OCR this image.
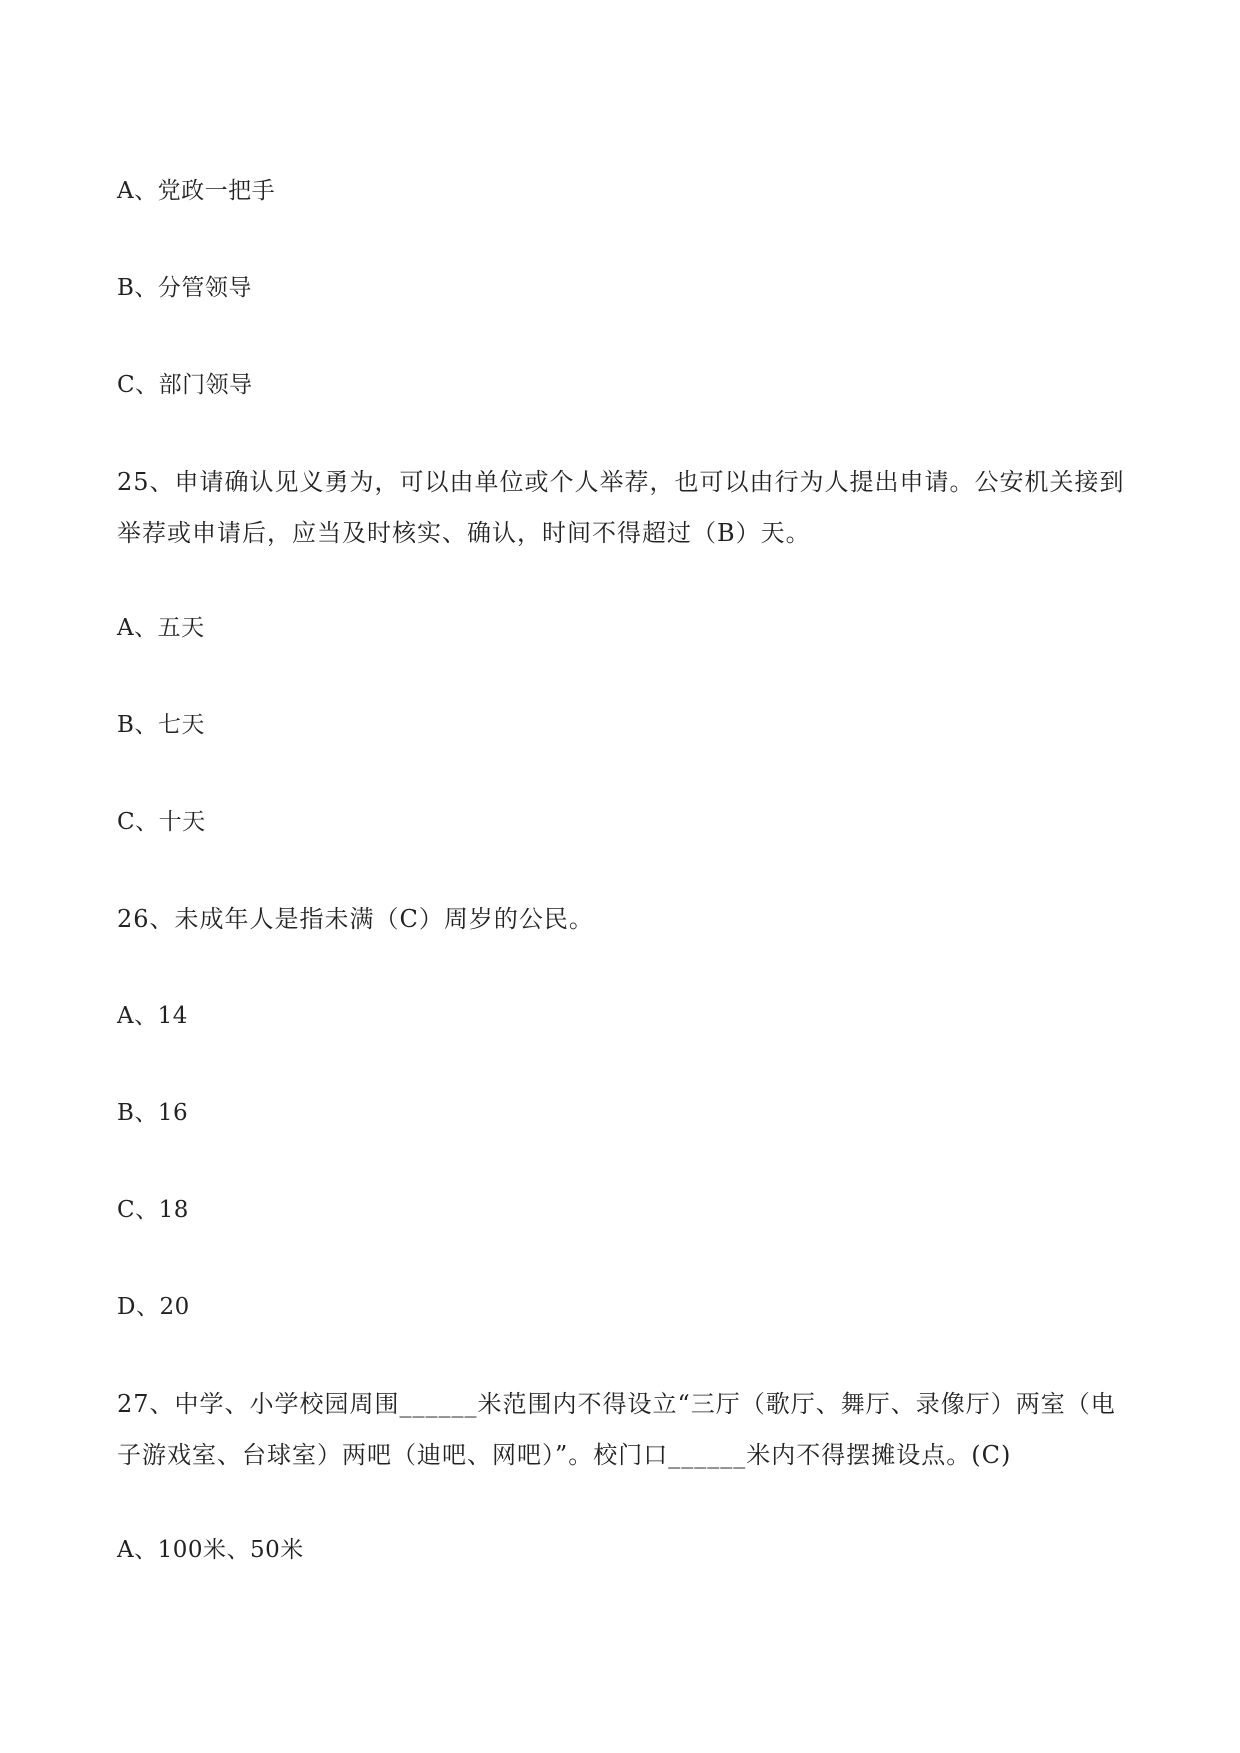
A、党政一把手
B、分管领导
C、部门领导
25、申请确认见义勇为，可以由单位或个人举荐，也可以由行为人提出申请。公安机关接到
举荐或申请后，应当及时核实、确认，时间不得超过（B）天。
A、五天
B、七天
C、十天
26、未成年人是指未满（C）周岁的公民。
A、14
B、16
C、18
D、20
27、中学、小学校园周围______米范围内不得设立“三厅（歌厅、舞厅、录像厅）两室（电
子游戏室、台球室）两吧（迪吧、网吧）”。校门口______米内不得摆摊设点。(C)
A、100米、50米
